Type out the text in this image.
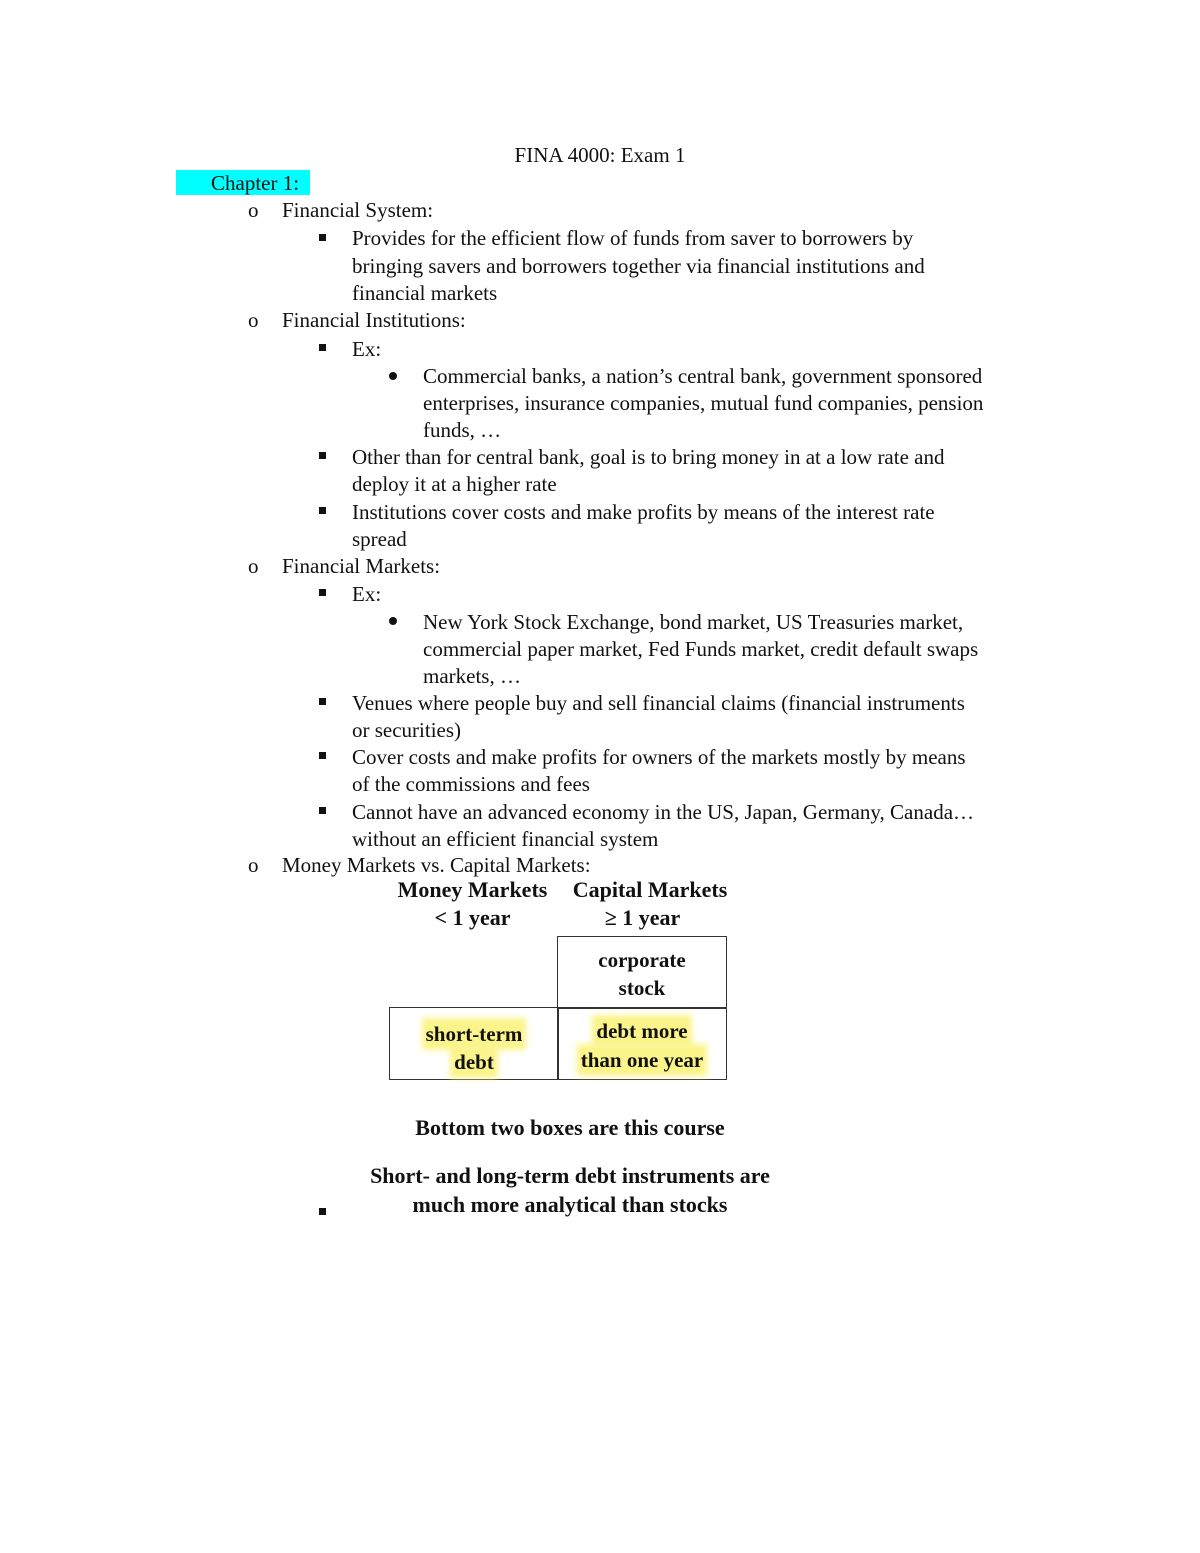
FINA 4000: Exam 1
Chapter 1:
o Financial System:
Provides for the efficient flow of funds from saver to borrowers by
bringing savers and borrowers together via financial institutions and
financial markets
o Financial Institutions:
Ex:
Commercial banks, a nation’s central bank, government sponsored
enterprises, insurance companies, mutual fund companies, pension
funds, …
Other than for central bank, goal is to bring money in at a low rate and
deploy it at a higher rate
Institutions cover costs and make profits by means of the interest rate
spread
o Financial Markets:
Ex:
New York Stock Exchange, bond market, US Treasuries market,
commercial paper market, Fed Funds market, credit default swaps
markets, …
Venues where people buy and sell financial claims (financial instruments
or securities)
Cover costs and make profits for owners of the markets mostly by means
of the commissions and fees
Cannot have an advanced economy in the US, Japan, Germany, Canada…
without an efficient financial system
o Money Markets vs. Capital Markets:
Money Markets
< 1 year
Capital Markets
≥ 1 year
corporate
stock
short-term
debt
debt more
than one year
Bottom two boxes are this course
Short- and long-term debt instruments are
much more analytical than stocks
